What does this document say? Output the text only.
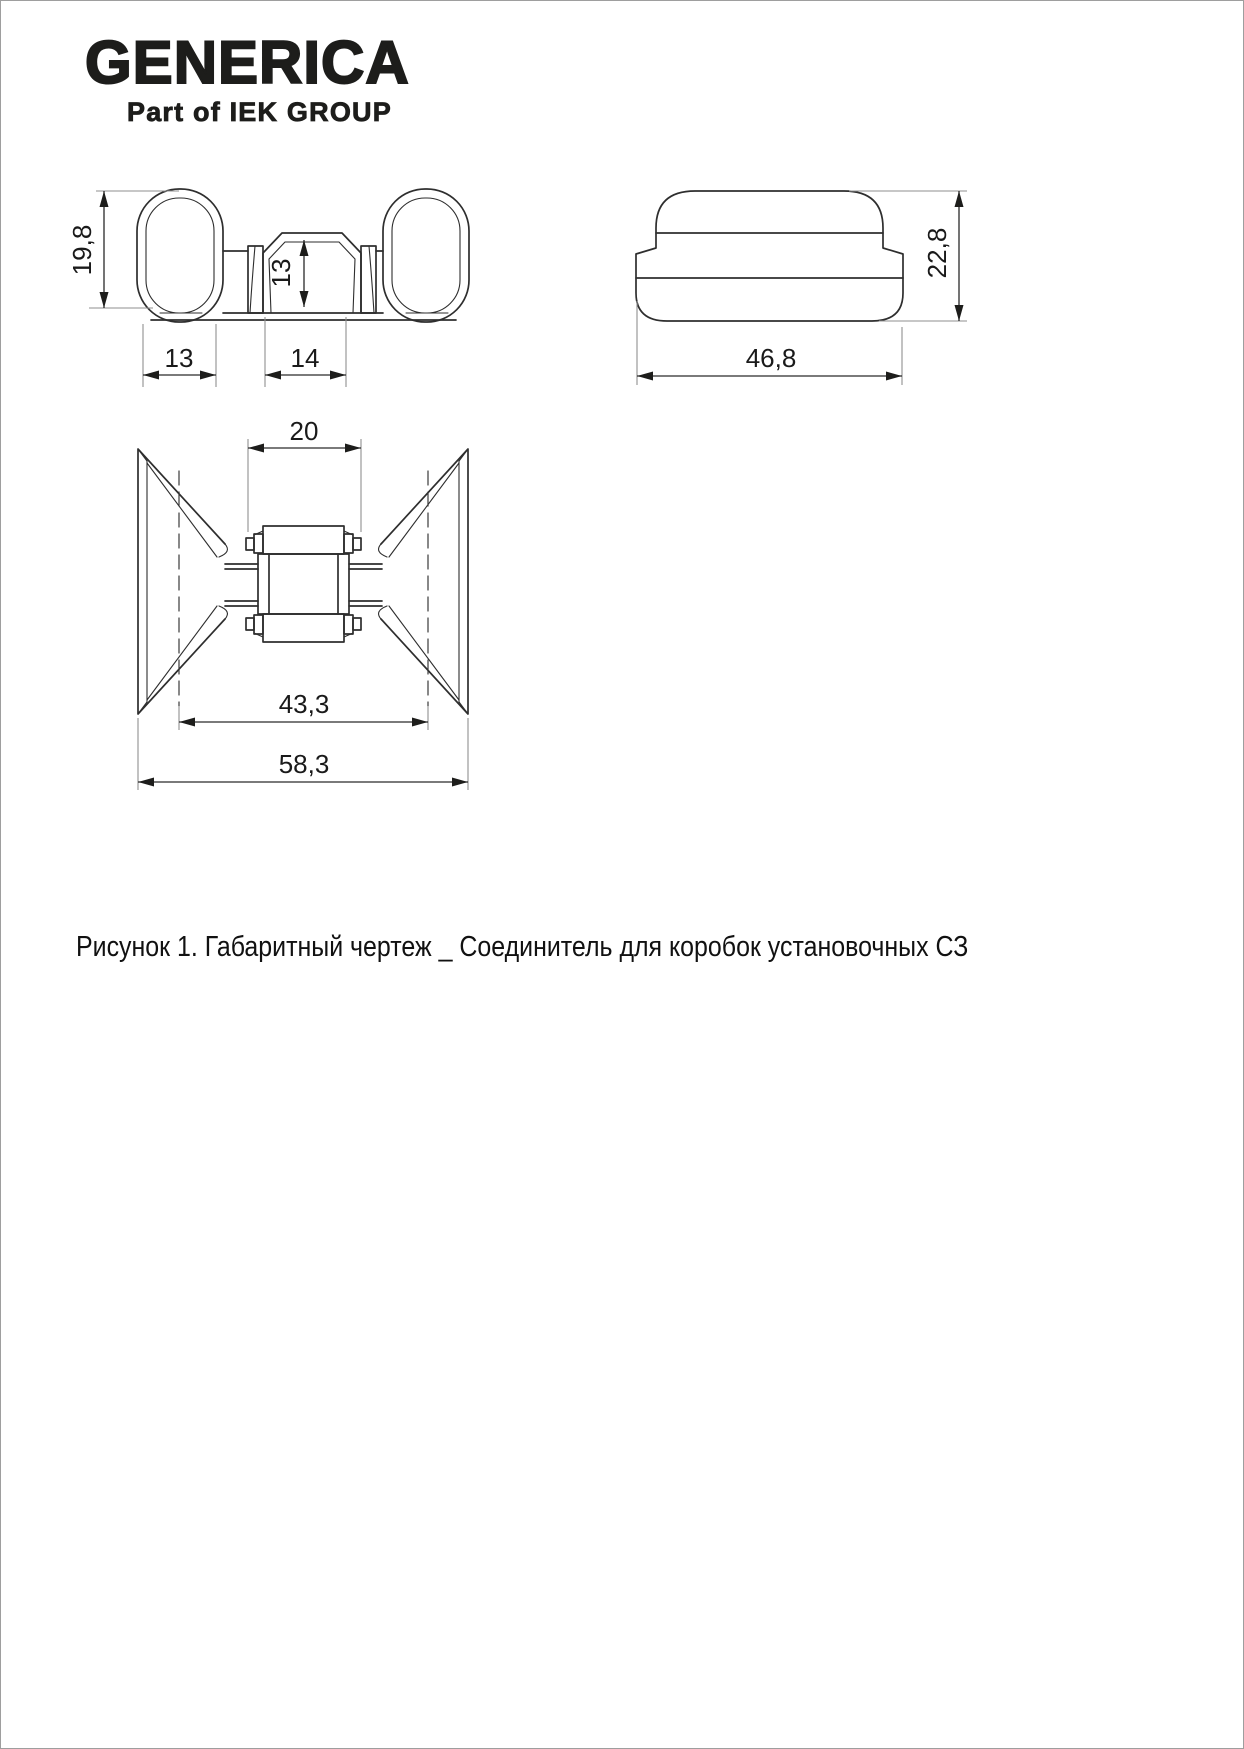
GENERICA
Part of IEK GROUP
19,8	13
13	14
22,8
46,8
20
43,3
58,3
Рисунок 1. Габаритный чертеж _ Соединитель для коробок установочных СЗ
